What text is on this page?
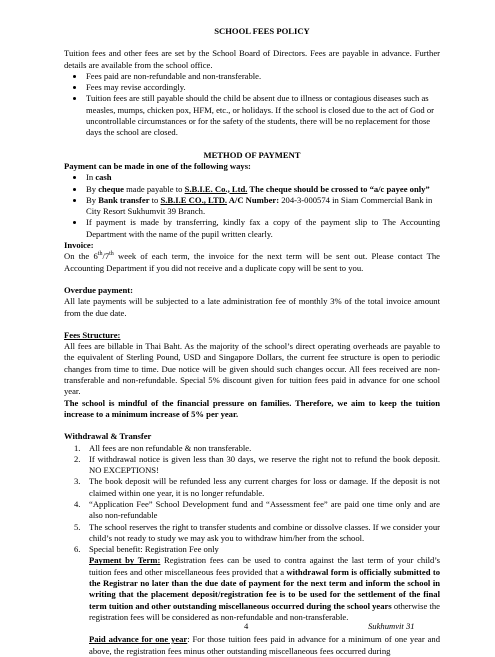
SCHOOL FEES POLICY

Tuition fees and other fees are set by the School Board of Directors. Fees are payable in advance. Further details are available from the school office.

Fees paid are non-refundable and non-transferable.
Fees may revise accordingly.
Tuition fees are still payable should the child be absent due to illness or contagious diseases such as measles, mumps, chicken pox, HFM, etc., or holidays. If the school is closed due to the act of God or uncontrollable circumstances or for the safety of the students, there will be no replacement for those days the school are closed.

METHOD OF PAYMENT

Payment can be made in one of the following ways:

In cash
By cheque made payable to S.B.I.E. Co., Ltd. The cheque should be crossed to “a/c payee only”
By Bank transfer to S.B.I.E CO., LTD. A/C Number: 204-3-000574 in Siam Commercial Bank in City Resort Sukhumvit 39 Branch.
If payment is made by transferring, kindly fax a copy of the payment slip to The Accounting Department with the name of the pupil written clearly.

Invoice:

On the 6th/7th week of each term, the invoice for the next term will be sent out. Please contact The Accounting Department if you did not receive and a duplicate copy will be sent to you.

Overdue payment:

All late payments will be subjected to a late administration fee of monthly 3% of the total invoice amount from the due date.

Fees Structure:

All fees are billable in Thai Baht. As the majority of the school’s direct operating overheads are payable to the equivalent of Sterling Pound, USD and Singapore Dollars, the current fee structure is open to periodic changes from time to time. Due notice will be given should such changes occur. All fees received are non-transferable and non-refundable. Special 5% discount given for tuition fees paid in advance for one school year.

The school is mindful of the financial pressure on families. Therefore, we aim to keep the tuition increase to a minimum increase of 5% per year.

Withdrawal & Transfer

1. All fees are non refundable & non transferable.
2. If withdrawal notice is given less than 30 days, we reserve the right not to refund the book deposit. NO EXCEPTIONS!
3. The book deposit will be refunded less any current charges for loss or damage. If the deposit is not claimed within one year, it is no longer refundable.
4. “Application Fee” School Development fund and “Assessment fee” are paid one time only and are also non-refundable
5. The school reserves the right to transfer students and combine or dissolve classes. If we consider your child’s not ready to study we may ask you to withdraw him/her from the school.
6. Special benefit: Registration Fee only

Payment by Term: Registration fees can be used to contra against the last term of your child’s tuition fees and other miscellaneous fees provided that a withdrawal form is officially submitted to the Registrar no later than the due date of payment for the next term and inform the school in writing that the placement deposit/registration fee is to be used for the settlement of the final term tuition and other outstanding miscellaneous occurred during the school years otherwise the registration fees will be considered as non-refundable and non-transferable.

Paid advance for one year: For those tuition fees paid in advance for a minimum of one year and above, the registration fees minus other outstanding miscellaneous fees occurred during

4	Sukhumvit 31
